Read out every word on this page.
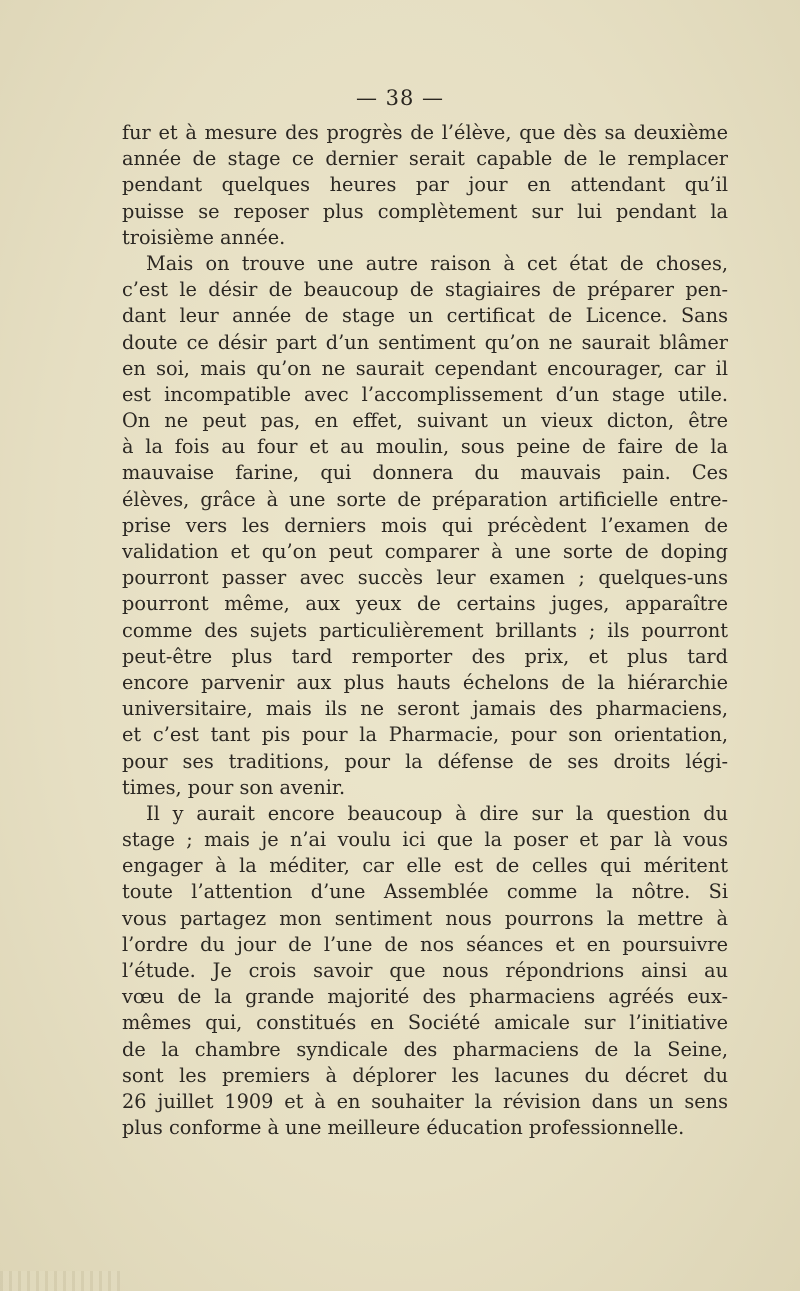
— 38 —
fur et à mesure des progrès de l’élève, que dès sa deuxième
année de stage ce dernier serait capable de le remplacer
pendant quelques heures par jour en attendant qu’il
puisse se reposer plus complètement sur lui pendant la
troisième année.
Mais on trouve une autre raison à cet état de choses,
c’est le désir de beaucoup de stagiaires de préparer pen-
dant leur année de stage un certificat de Licence. Sans
doute ce désir part d’un sentiment qu’on ne saurait blâmer
en soi, mais qu’on ne saurait cependant encourager, car il
est incompatible avec l’accomplissement d’un stage utile.
On ne peut pas, en effet, suivant un vieux dicton, être
à la fois au four et au moulin, sous peine de faire de la
mauvaise farine, qui donnera du mauvais pain. Ces
élèves, grâce à une sorte de préparation artificielle entre-
prise vers les derniers mois qui précèdent l’examen de
validation et qu’on peut comparer à une sorte de doping
pourront passer avec succès leur examen ; quelques-uns
pourront même, aux yeux de certains juges, apparaître
comme des sujets particulièrement brillants ; ils pourront
peut-être plus tard remporter des prix, et plus tard
encore parvenir aux plus hauts échelons de la hiérarchie
universitaire, mais ils ne seront jamais des pharmaciens,
et c’est tant pis pour la Pharmacie, pour son orientation,
pour ses traditions, pour la défense de ses droits légi-
times, pour son avenir.
Il y aurait encore beaucoup à dire sur la question du
stage ; mais je n’ai voulu ici que la poser et par là vous
engager à la méditer, car elle est de celles qui méritent
toute l’attention d’une Assemblée comme la nôtre. Si
vous partagez mon sentiment nous pourrons la mettre à
l’ordre du jour de l’une de nos séances et en poursuivre
l’étude. Je crois savoir que nous répondrions ainsi au
vœu de la grande majorité des pharmaciens agréés eux-
mêmes qui, constitués en Société amicale sur l’initiative
de la chambre syndicale des pharmaciens de la Seine,
sont les premiers à déplorer les lacunes du décret du
26 juillet 1909 et à en souhaiter la révision dans un sens
plus conforme à une meilleure éducation professionnelle.
